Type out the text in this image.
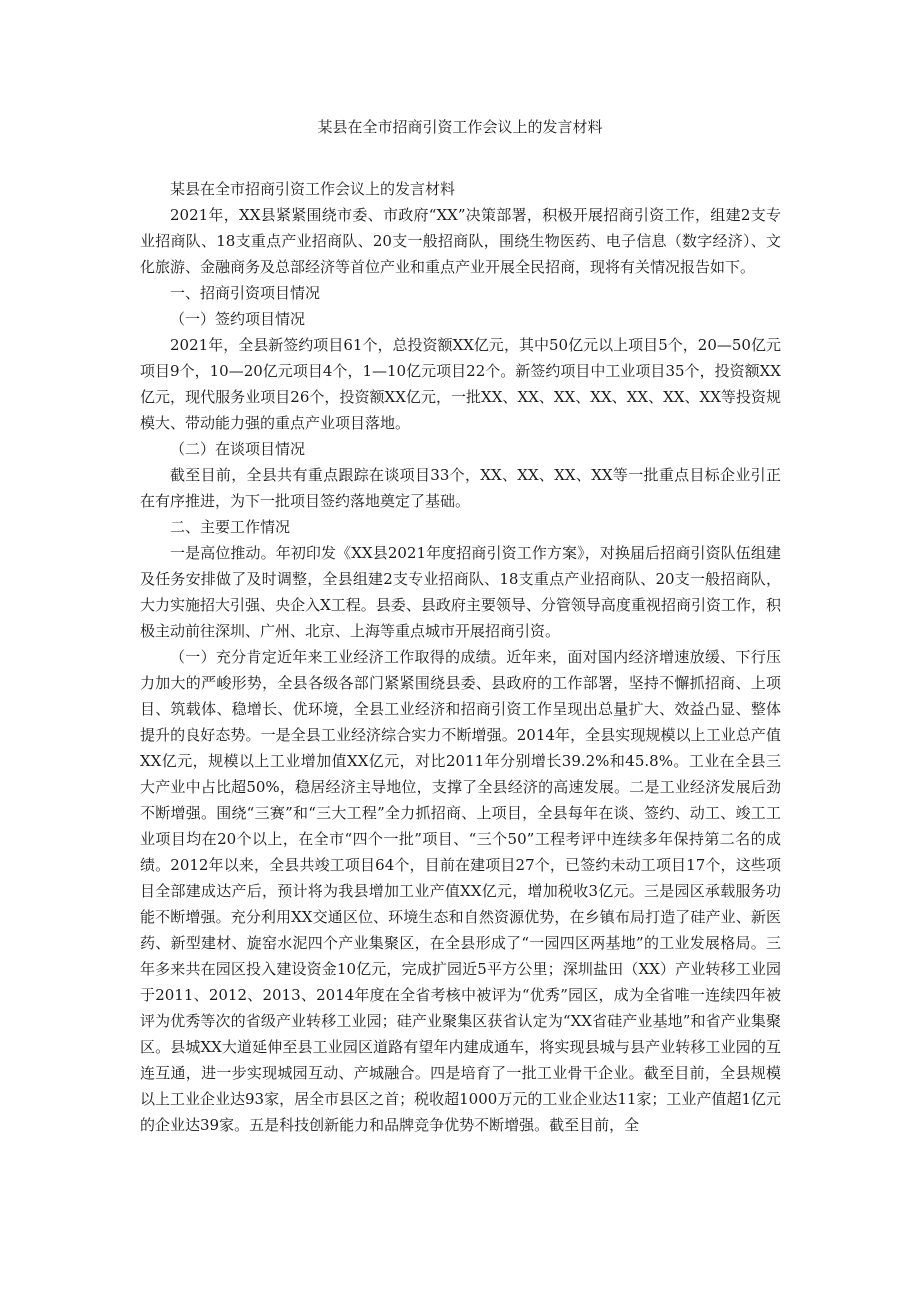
某县在全市招商引资工作会议上的发言材料

某县在全市招商引资工作会议上的发言材料

2021年，XX县紧紧围绕市委、市政府“XX”决策部署，积极开展招商引资工作，组建2支专业招商队、18支重点产业招商队、20支一般招商队，围绕生物医药、电子信息（数字经济）、文化旅游、金融商务及总部经济等首位产业和重点产业开展全民招商，现将有关情况报告如下。

一、招商引资项目情况

（一）签约项目情况

2021年，全县新签约项目61个，总投资额XX亿元，其中50亿元以上项目5个，20—50亿元项目9个，10—20亿元项目4个，1—10亿元项目22个。新签约项目中工业项目35个，投资额XX亿元，现代服务业项目26个，投资额XX亿元，一批XX、XX、XX、XX、XX、XX、XX等投资规模大、带动能力强的重点产业项目落地。

（二）在谈项目情况

截至目前，全县共有重点跟踪在谈项目33个，XX、XX、XX、XX等一批重点目标企业引正在有序推进，为下一批项目签约落地奠定了基础。

二、主要工作情况

一是高位推动。年初印发《XX县2021年度招商引资工作方案》，对换届后招商引资队伍组建及任务安排做了及时调整，全县组建2支专业招商队、18支重点产业招商队、20支一般招商队，大力实施招大引强、央企入X工程。县委、县政府主要领导、分管领导高度重视招商引资工作，积极主动前往深圳、广州、北京、上海等重点城市开展招商引资。

（一）充分肯定近年来工业经济工作取得的成绩。近年来，面对国内经济增速放缓、下行压力加大的严峻形势，全县各级各部门紧紧围绕县委、县政府的工作部署，坚持不懈抓招商、上项目、筑载体、稳增长、优环境，全县工业经济和招商引资工作呈现出总量扩大、效益凸显、整体提升的良好态势。一是全县工业经济综合实力不断增强。2014年，全县实现规模以上工业总产值XX亿元，规模以上工业增加值XX亿元，对比2011年分别增长39.2%和45.8%。工业在全县三大产业中占比超50%，稳居经济主导地位，支撑了全县经济的高速发展。二是工业经济发展后劲不断增强。围绕“三赛”和“三大工程”全力抓招商、上项目，全县每年在谈、签约、动工、竣工工业项目均在20个以上，在全市“四个一批”项目、“三个50”工程考评中连续多年保持第二名的成绩。2012年以来，全县共竣工项目64个，目前在建项目27个，已签约未动工项目17个，这些项目全部建成达产后，预计将为我县增加工业产值XX亿元，增加税收3亿元。三是园区承载服务功能不断增强。充分利用XX交通区位、环境生态和自然资源优势，在乡镇布局打造了硅产业、新医药、新型建材、旋窑水泥四个产业集聚区，在全县形成了“一园四区两基地”的工业发展格局。三年多来共在园区投入建设资金10亿元，完成扩园近5平方公里；深圳盐田（XX）产业转移工业园于2011、2012、2013、2014年度在全省考核中被评为“优秀”园区，成为全省唯一连续四年被评为优秀等次的省级产业转移工业园；硅产业聚集区获省认定为“XX省硅产业基地”和省产业集聚区。县城XX大道延伸至县工业园区道路有望年内建成通车，将实现县城与县产业转移工业园的互连互通，进一步实现城园互动、产城融合。四是培育了一批工业骨干企业。截至目前，全县规模以上工业企业达93家，居全市县区之首；税收超1000万元的工业企业达11家；工业产值超1亿元的企业达39家。五是科技创新能力和品牌竞争优势不断增强。截至目前，全
